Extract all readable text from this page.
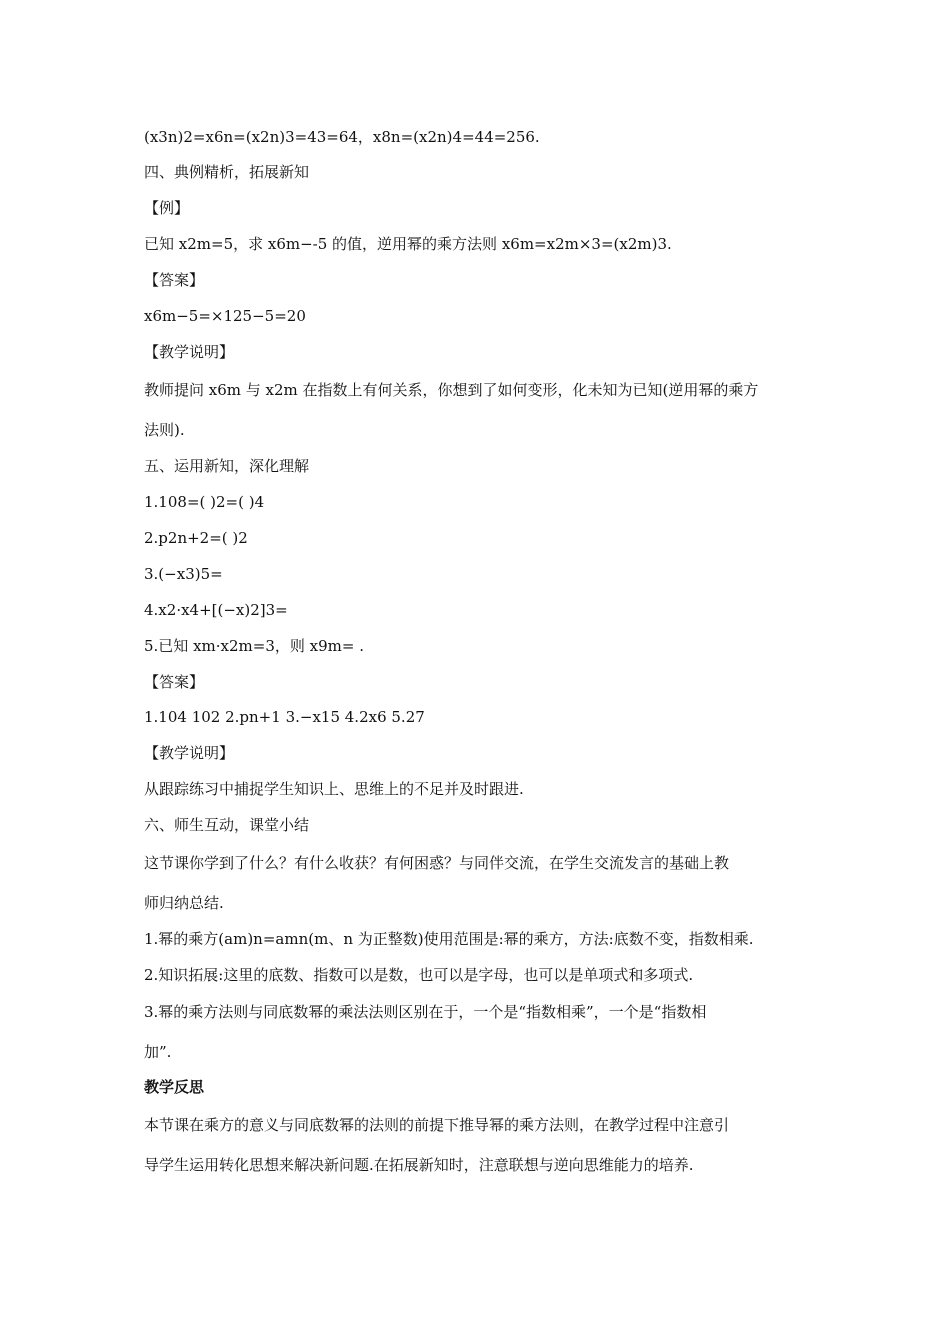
(x3n)2=x6n=(x2n)3=43=64，x8n=(x2n)4=44=256.
四、典例精析，拓展新知
【例】
已知 x2m=5，求 x6m−-5 的值，逆用幂的乘方法则 x6m=x2m×3=(x2m)3.
【答案】
x6m−5=×125−5=20
【教学说明】
教师提问 x6m 与 x2m 在指数上有何关系，你想到了如何变形，化未知为已知(逆用幂的乘方
法则).
五、运用新知，深化理解
1.108=( )2=( )4
2.p2n+2=( )2
3.(−x3)5=
4.x2·x4+[(−x)2]3=
5.已知 xm·x2m=3，则 x9m= .
【答案】
1.104 102 2.pn+1 3.−x15 4.2x6 5.27
【教学说明】
从跟踪练习中捕捉学生知识上、思维上的不足并及时跟进.
六、师生互动，课堂小结
这节课你学到了什么？有什么收获？有何困惑？与同伴交流，在学生交流发言的基础上教
师归纳总结.
1.幂的乘方(am)n=amn(m、n 为正整数)使用范围是:幂的乘方，方法:底数不变，指数相乘.
2.知识拓展:这里的底数、指数可以是数，也可以是字母，也可以是单项式和多项式.
3.幂的乘方法则与同底数幂的乘法法则区别在于，一个是“指数相乘”，一个是“指数相
加”.
教学反思
本节课在乘方的意义与同底数幂的法则的前提下推导幂的乘方法则，在教学过程中注意引
导学生运用转化思想来解决新问题.在拓展新知时，注意联想与逆向思维能力的培养.
